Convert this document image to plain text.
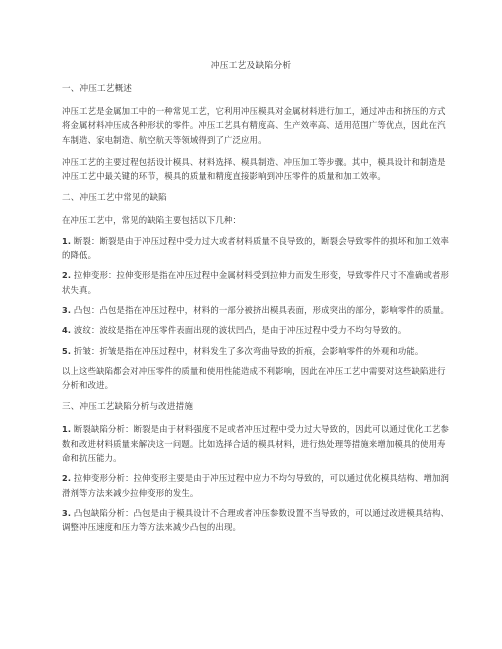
冲压工艺及缺陷分析
一、冲压工艺概述
冲压工艺是金属加工中的一种常见工艺，它利用冲压模具对金属材料进行加工，通过冲击和挤压的方式将金属材料冲压成各种形状的零件。冲压工艺具有精度高、生产效率高、适用范围广等优点，因此在汽车制造、家电制造、航空航天等领域得到了广泛应用。
冲压工艺的主要过程包括设计模具、材料选择、模具制造、冲压加工等步骤。其中，模具设计和制造是冲压工艺中最关键的环节，模具的质量和精度直接影响到冲压零件的质量和加工效率。
二、冲压工艺中常见的缺陷
在冲压工艺中，常见的缺陷主要包括以下几种：
1. 断裂：断裂是由于冲压过程中受力过大或者材料质量不良导致的，断裂会导致零件的损坏和加工效率的降低。
2. 拉伸变形：拉伸变形是指在冲压过程中金属材料受到拉伸力而发生形变，导致零件尺寸不准确或者形状失真。
3. 凸包：凸包是指在冲压过程中，材料的一部分被挤出模具表面，形成突出的部分，影响零件的质量。
4. 波纹：波纹是指在冲压零件表面出现的波状凹凸，是由于冲压过程中受力不均匀导致的。
5. 折皱：折皱是指在冲压过程中，材料发生了多次弯曲导致的折痕，会影响零件的外观和功能。
以上这些缺陷都会对冲压零件的质量和使用性能造成不利影响，因此在冲压工艺中需要对这些缺陷进行分析和改进。
三、冲压工艺缺陷分析与改进措施
1. 断裂缺陷分析：断裂是由于材料强度不足或者冲压过程中受力过大导致的，因此可以通过优化工艺参数和改进材料质量来解决这一问题。比如选择合适的模具材料，进行热处理等措施来增加模具的使用寿命和抗压能力。
2. 拉伸变形分析：拉伸变形主要是由于冲压过程中应力不均匀导致的，可以通过优化模具结构、增加润滑剂等方法来减少拉伸变形的发生。
3. 凸包缺陷分析：凸包是由于模具设计不合理或者冲压参数设置不当导致的，可以通过改进模具结构、调整冲压速度和压力等方法来减少凸包的出现。
